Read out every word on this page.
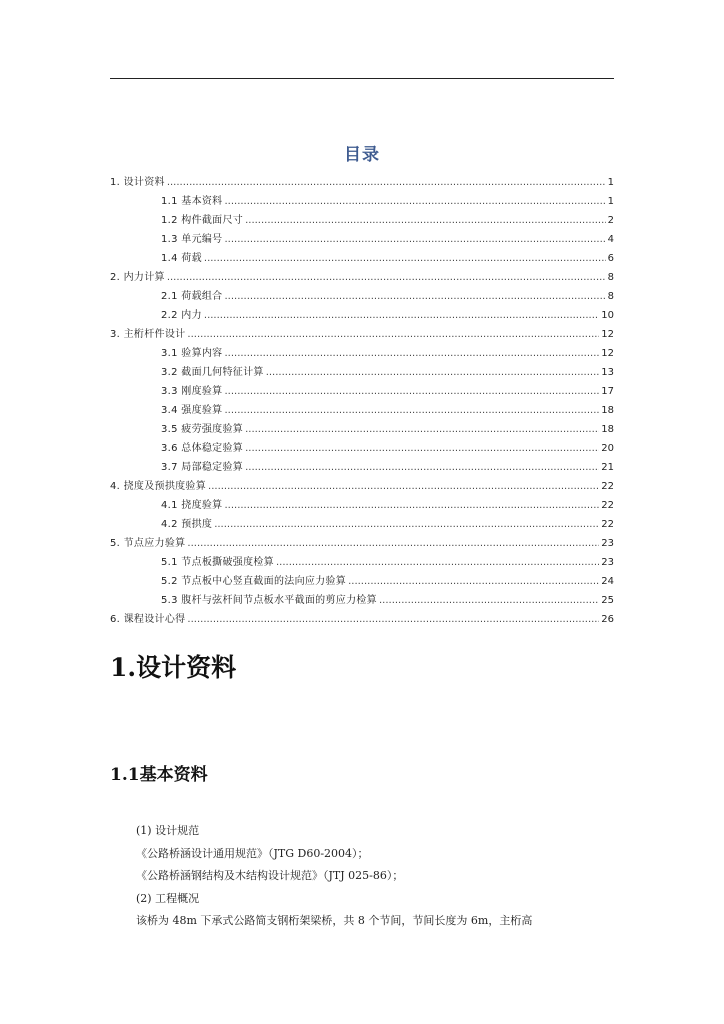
目录
1. 设计资料 .....	1
1.1 基本资料 .....	1
1.2 构件截面尺寸 .....	2
1.3 单元编号 .....	4
1.4 荷载 .....	6
2. 内力计算 .....	8
2.1 荷载组合 .....	8
2.2 内力 .....	10
3. 主桁杆件设计 .....	12
3.1 验算内容 .....	12
3.2 截面几何特征计算 .....	13
3.3 刚度验算 .....	17
3.4 强度验算 .....	18
3.5 疲劳强度验算 .....	18
3.6 总体稳定验算 .....	20
3.7 局部稳定验算 .....	21
4. 挠度及预拱度验算 .....	22
4.1 挠度验算 .....	22
4.2 预拱度 .....	22
5. 节点应力验算 .....	23
5.1 节点板撕破强度检算 .....	23
5.2 节点板中心竖直截面的法向应力验算 .....	24
5.3 腹杆与弦杆间节点板水平截面的剪应力检算 .....	25
6. 课程设计心得 .....	26
1.设计资料
1.1基本资料
(1) 设计规范
《公路桥涵设计通用规范》（JTG D60-2004）；
《公路桥涵钢结构及木结构设计规范》（JTJ 025-86）；
(2) 工程概况
该桥为 48m 下承式公路简支钢桁架梁桥，共 8 个节间，节间长度为 6m，主桁高
